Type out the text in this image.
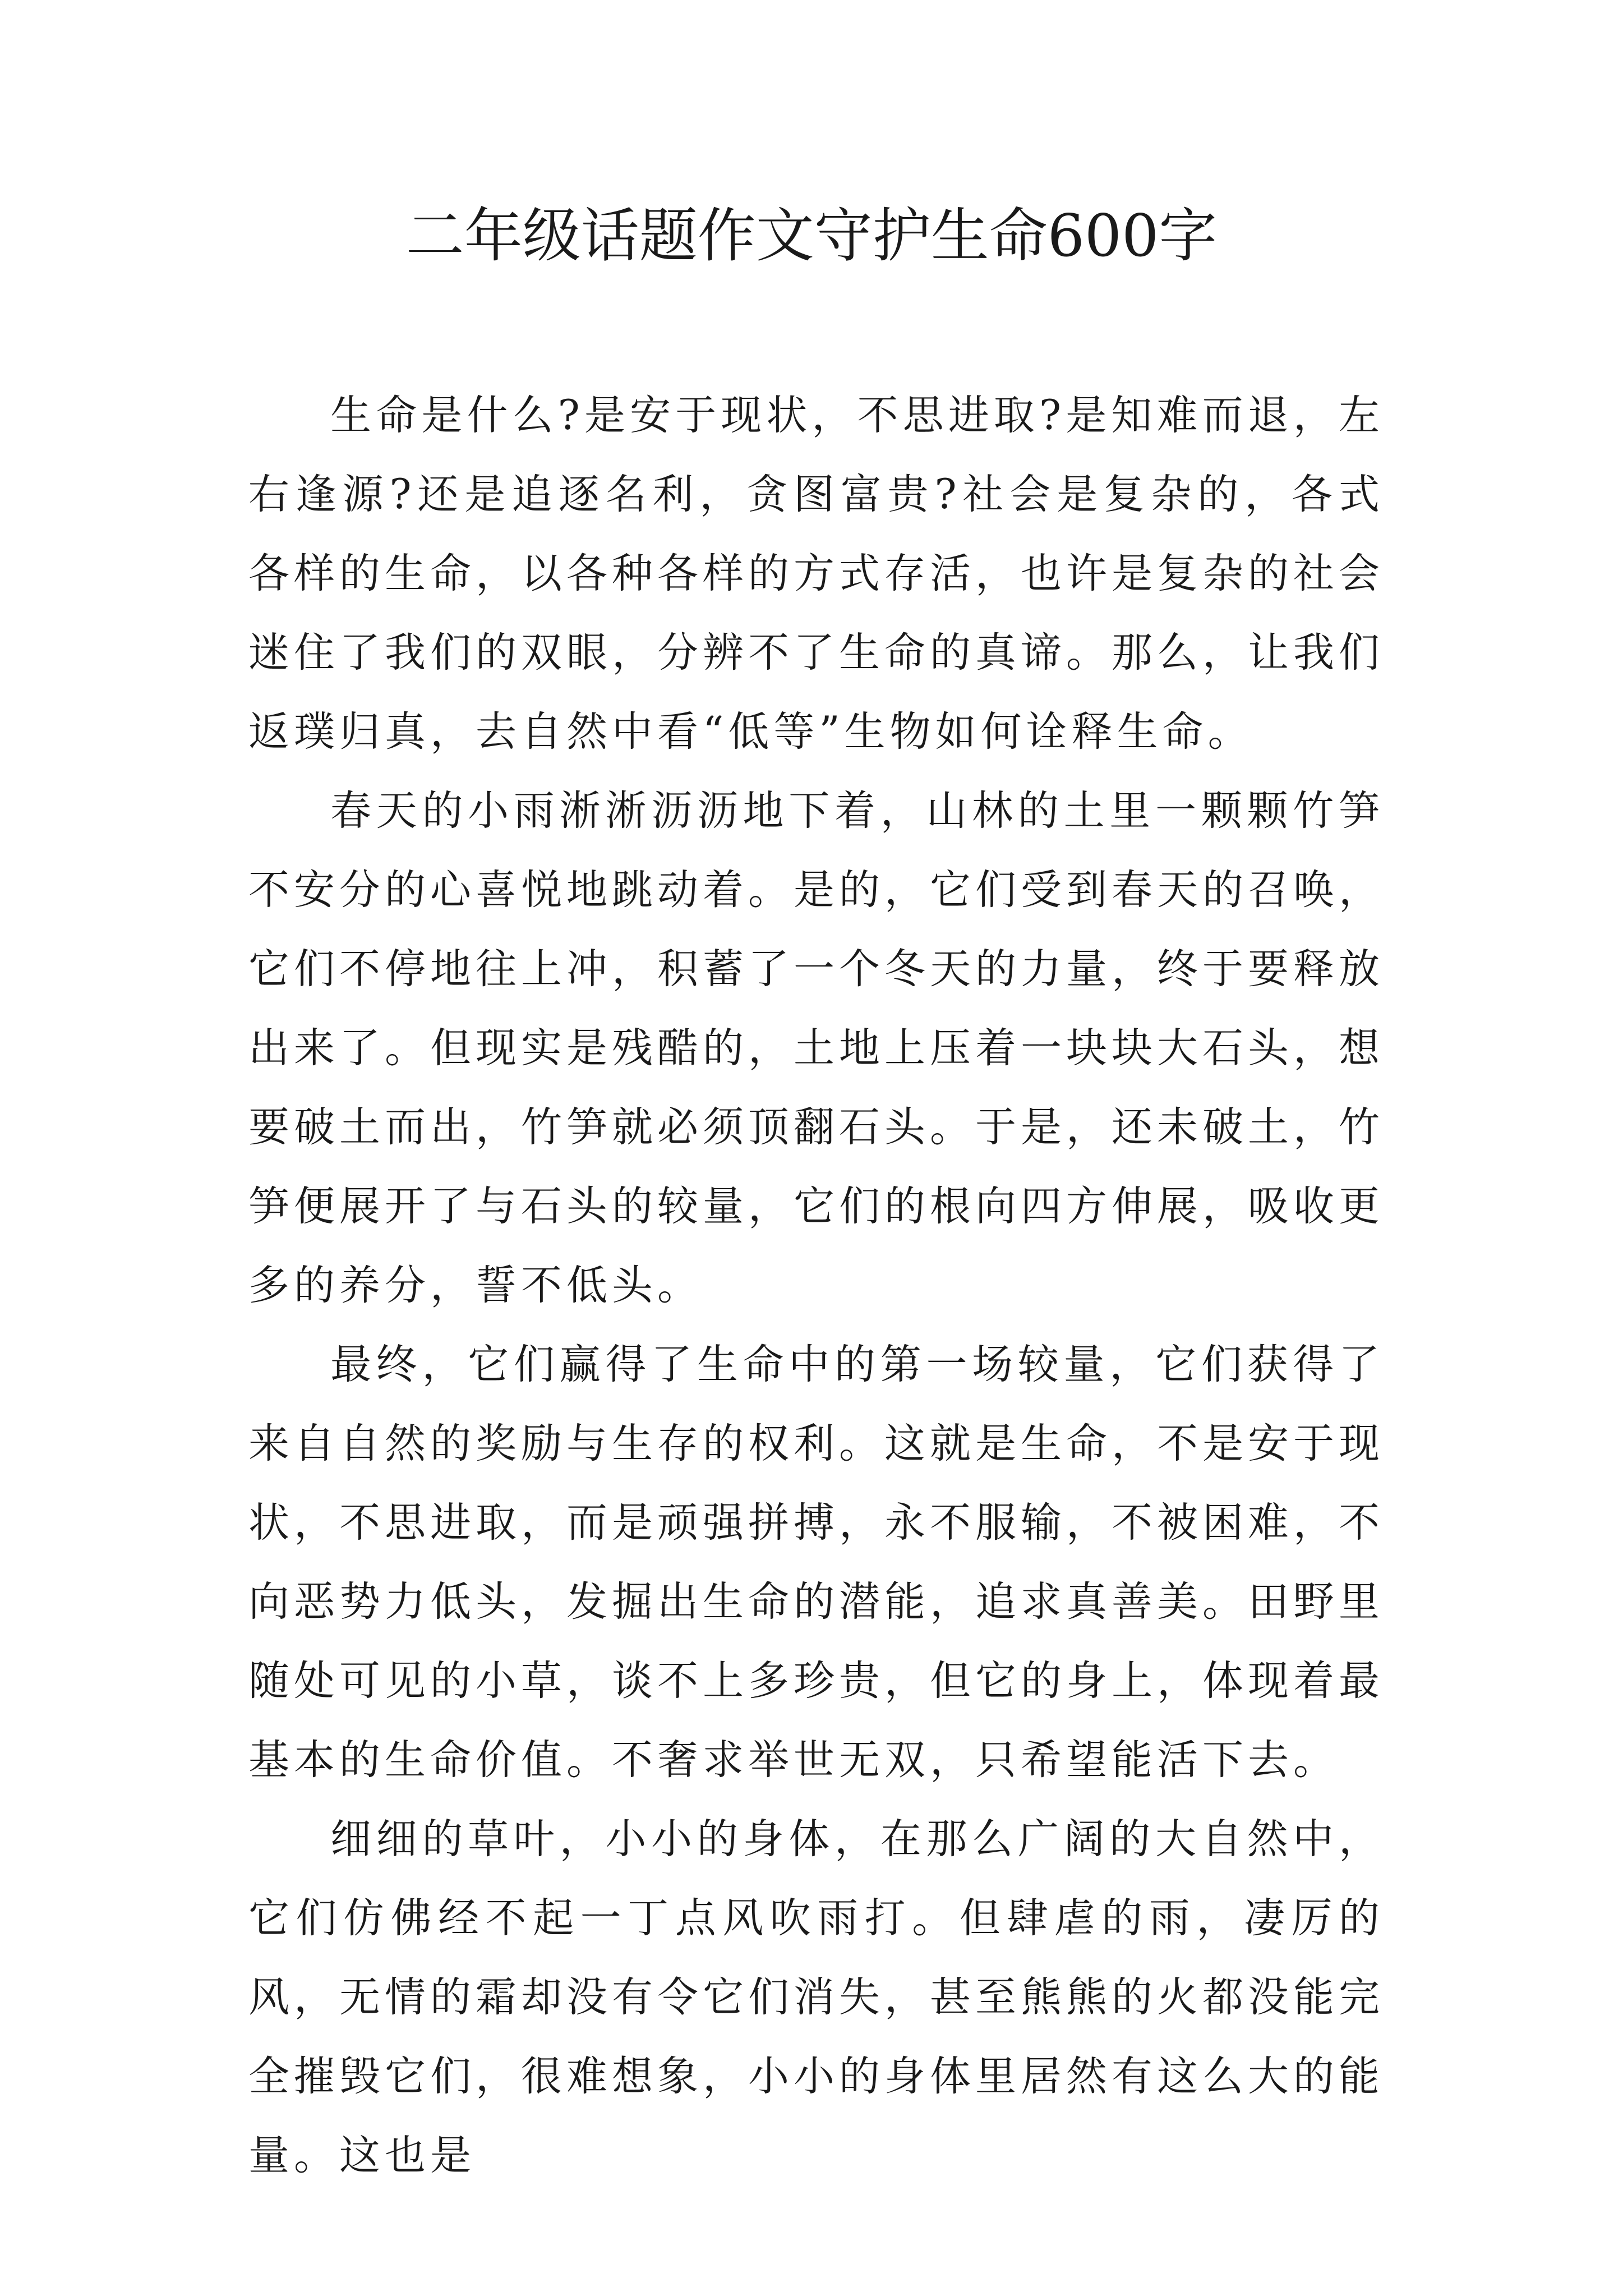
二年级话题作文守护生命600字

生命是什么?是安于现状，不思进取?是知难而退，左右逢源?还是追逐名利，贪图富贵?社会是复杂的，各式各样的生命，以各种各样的方式存活，也许是复杂的社会迷住了我们的双眼，分辨不了生命的真谛。那么，让我们返璞归真，去自然中看“低等”生物如何诠释生命。

春天的小雨淅淅沥沥地下着，山林的土里一颗颗竹笋不安分的心喜悦地跳动着。是的，它们受到春天的召唤，它们不停地往上冲，积蓄了一个冬天的力量，终于要释放出来了。但现实是残酷的，土地上压着一块块大石头，想要破土而出，竹笋就必须顶翻石头。于是，还未破土，竹笋便展开了与石头的较量，它们的根向四方伸展，吸收更多的养分，誓不低头。

最终，它们赢得了生命中的第一场较量，它们获得了来自自然的奖励与生存的权利。这就是生命，不是安于现状，不思进取，而是顽强拼搏，永不服输，不被困难，不向恶势力低头，发掘出生命的潜能，追求真善美。田野里随处可见的小草，谈不上多珍贵，但它的身上，体现着最基本的生命价值。不奢求举世无双，只希望能活下去。

细细的草叶，小小的身体，在那么广阔的大自然中，它们仿佛经不起一丁点风吹雨打。但肆虐的雨，凄厉的风，无情的霜却没有令它们消失，甚至熊熊的火都没能完全摧毁它们，很难想象，小小的身体里居然有这么大的能量。这也是
